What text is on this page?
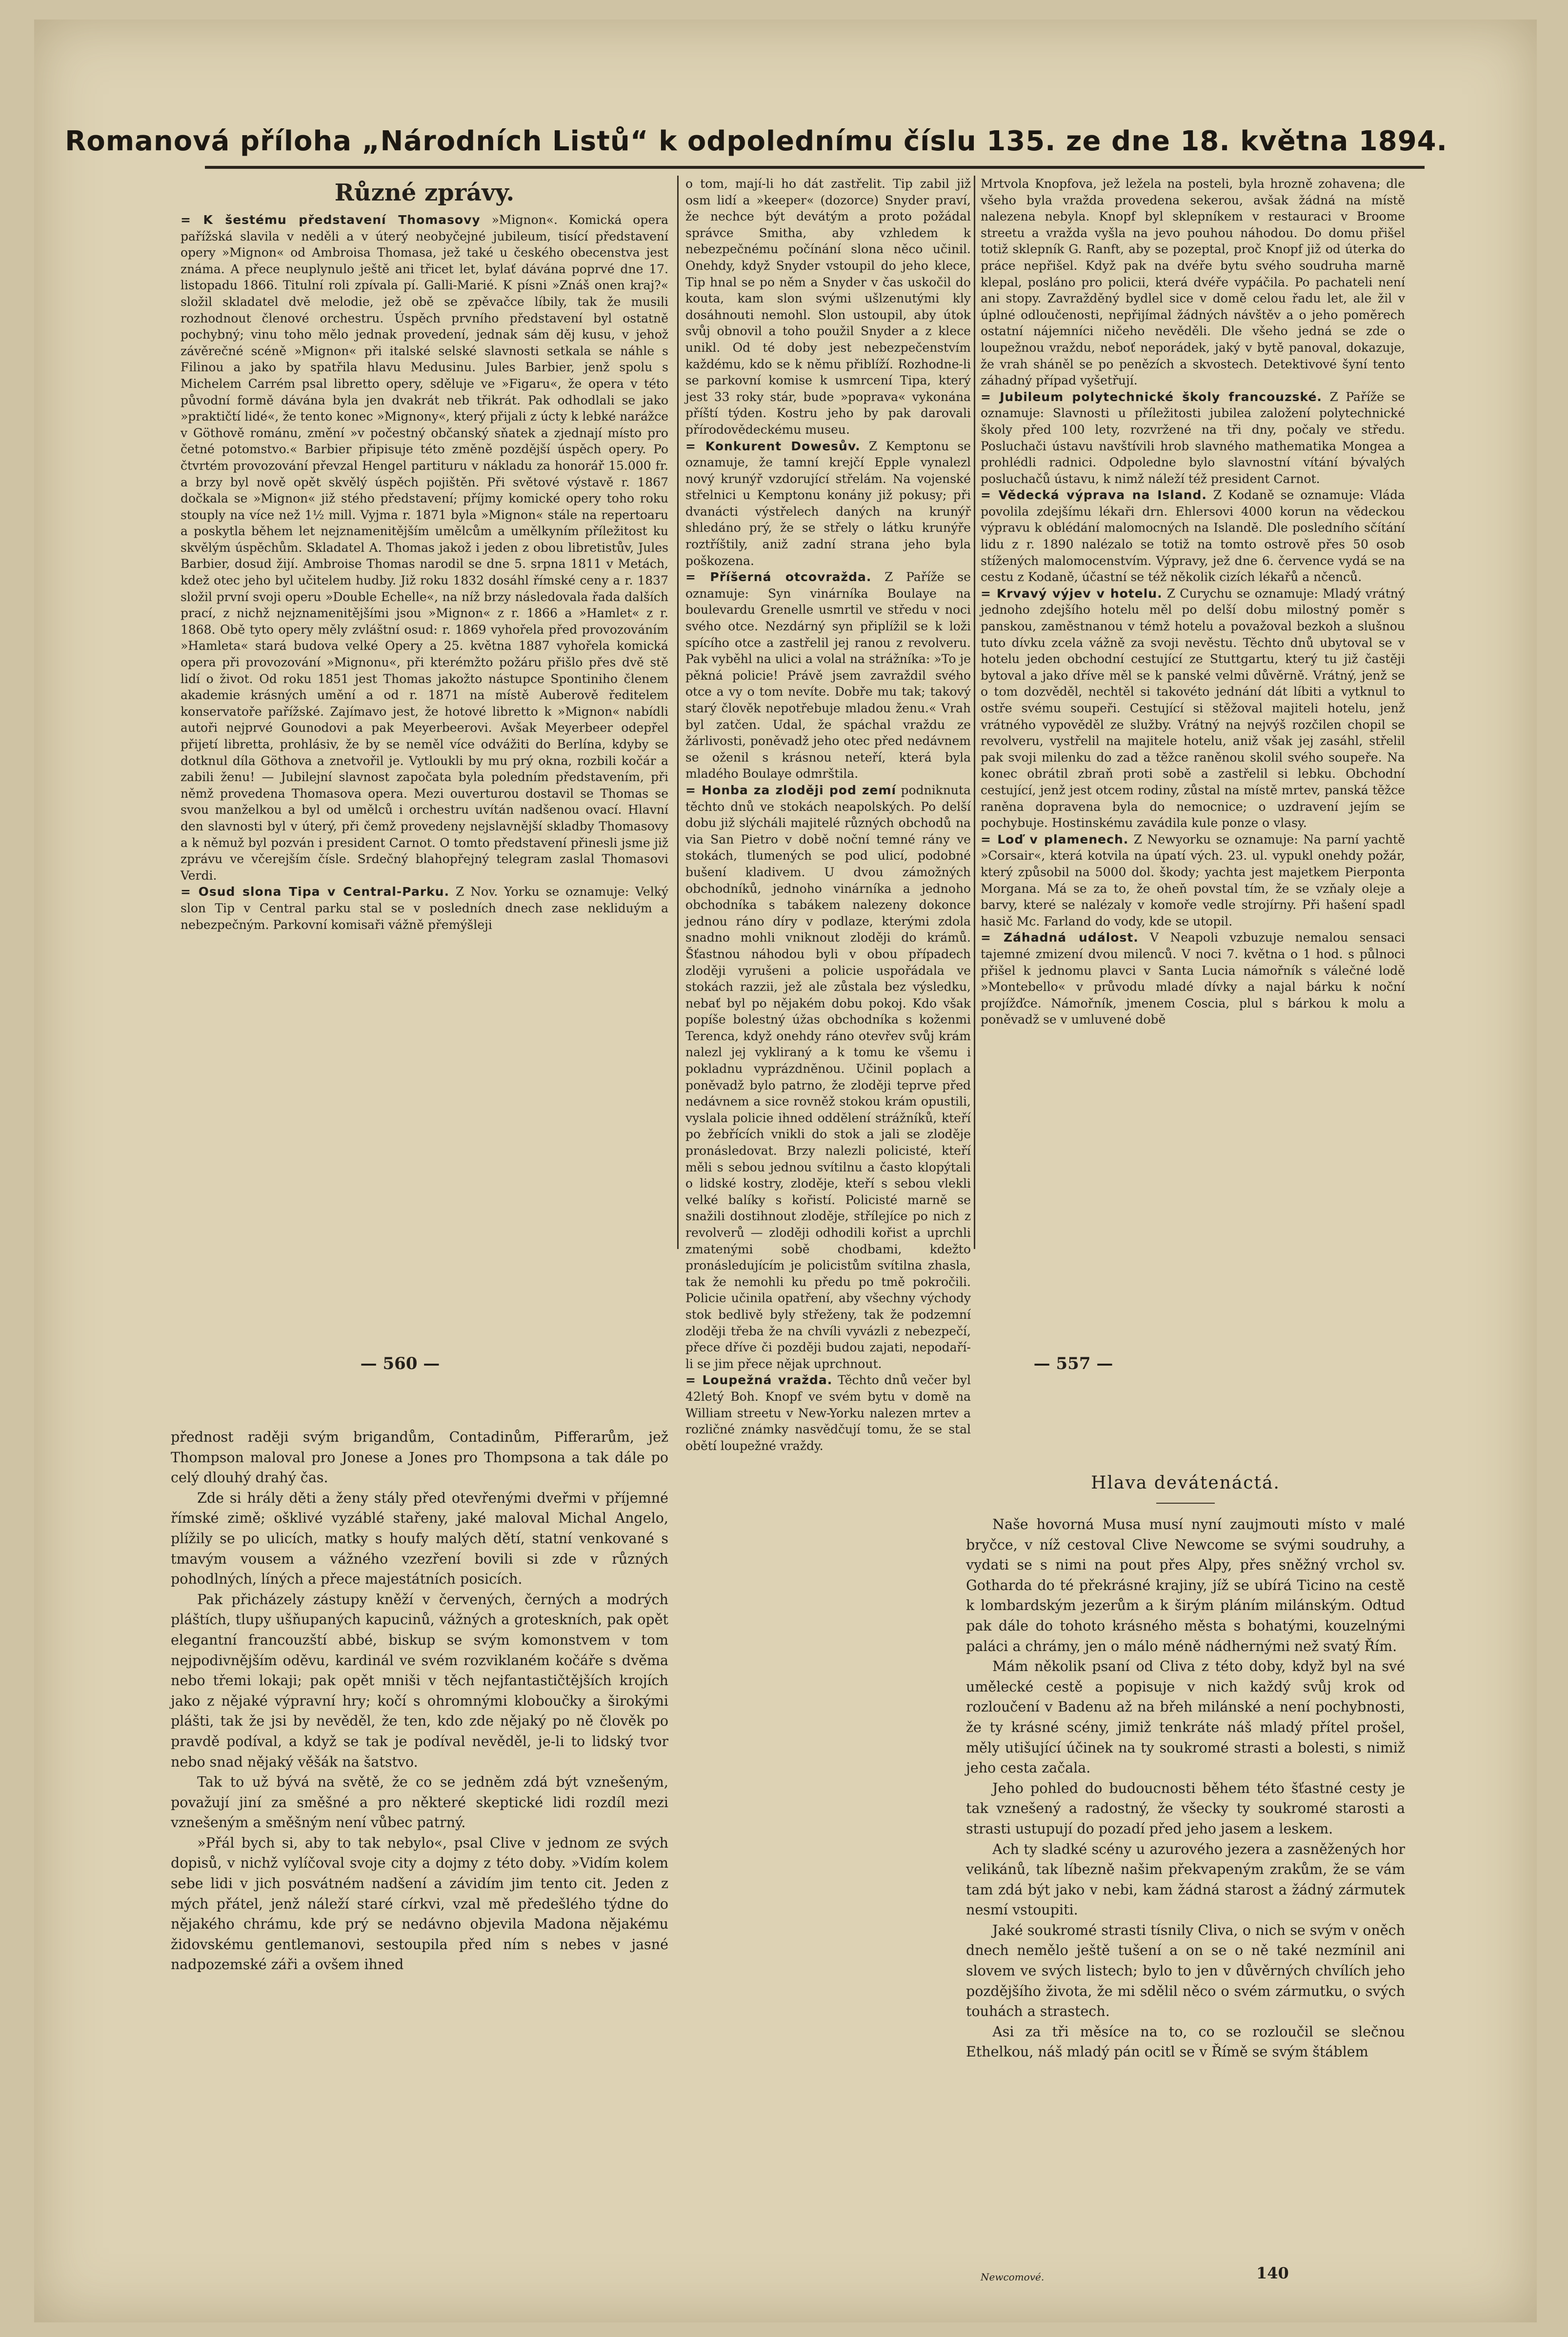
Romanová příloha „Národních Listů“ k odpolednímu číslu 135. ze dne 18. května 1894.
Různé zprávy.

= K šestému představení Thomasovy »Mignon«. Komická opera pařížská slavila v neděli a v úterý neobyčejné jubileum, tisící představení opery »Mignon« od Ambroisa Thomasa, jež také u českého obecenstva jest známa. A přece neuplynulo ještě ani třicet let, bylať dávána poprvé dne 17. listopadu 1866. Titulní roli zpívala pí. Galli-Marié. K písni »Znáš onen kraj?« složil skladatel dvě melodie, jež obě se zpěvačce líbily, tak že musili rozhodnout členové orchestru. Úspěch prvního představení byl ostatně pochybný; vinu toho mělo jednak provedení, jednak sám děj kusu, v jehož závěrečné scéně »Mignon« při italské selské slavnosti setkala se náhle s Filinou a jako by spatřila hlavu Medusinu. Jules Barbier, jenž spolu s Michelem Carrém psal libretto opery, sděluje ve »Figaru«, že opera v této původní formě dávána byla jen dvakrát neb třikrát. Pak odhodlali se jako »praktičtí lidé«, že tento konec »Mignony«, který přijali z úcty k lebké narážce v Göthově románu, změní »v počestný občanský sňatek a zjednají místo pro četné potomstvo.« Barbier připisuje této změně pozdější úspěch opery. Po čtvrtém provozování převzal Hengel partituru v nákladu za honorář 15.000 fr. a brzy byl nově opět skvělý úspěch pojištěn. Při světové výstavě r. 1867 dočkala se »Mignon« již stého představení; příjmy komické opery toho roku stouply na více než 1½ mill. Vyjma r. 1871 byla »Mignon« stále na repertoaru a poskytla během let nejznamenitějším umělcům a umělkyním příležitost ku skvělým úspěchům. Skladatel A. Thomas jakož i jeden z obou libretistův, Jules Barbier, dosud žijí. Ambroise Thomas narodil se dne 5. srpna 1811 v Metách, kdež otec jeho byl učitelem hudby. Již roku 1832 dosáhl římské ceny a r. 1837 složil první svoji operu »Double Echelle«, na níž brzy následovala řada dalších prací, z nichž nejznamenitějšími jsou »Mignon« z r. 1866 a »Hamlet« z r. 1868. Obě tyto opery měly zvláštní osud: r. 1869 vyhořela před provozováním »Hamleta« stará budova velké Opery a 25. května 1887 vyhořela komická opera při provozování »Mignonu«, při kterémžto požáru přišlo přes dvě stě lidí o život. Od roku 1851 jest Thomas jakožto nástupce Spontiniho členem akademie krásných umění a od r. 1871 na místě Auberově ředitelem konservatoře pařížské. Zajímavo jest, že hotové libretto k »Mignon« nabídli autoři nejprvé Gounodovi a pak Meyerbeerovi. Avšak Meyerbeer odepřel přijetí libretta, prohlásiv, že by se neměl více odvážiti do Berlína, kdyby se dotknul díla Göthova a znetvořil je. Vytloukli by mu prý okna, rozbili kočár a zabili ženu! — Jubilejní slavnost započata byla poledním představením, při němž provedena Thomasova opera. Mezi ouverturou dostavil se Thomas se svou manželkou a byl od umělců i orchestru uvítán nadšenou ovací. Hlavní den slavnosti byl v úterý, při čemž provedeny nejslavnější skladby Thomasovy a k němuž byl pozván i president Carnot. O tomto představení přinesli jsme již zprávu ve včerejším čísle. Srdečný blahopřejný telegram zaslal Thomasovi Verdi.

= Osud slona Tipa v Central-Parku. Z Nov. Yorku se oznamuje: Velký slon Tip v Central parku stal se v posledních dnech zase nekliduým a nebezpečným. Parkovní komisaři vážně přemýšleji

o tom, mají-li ho dát zastřelit. Tip zabil již osm lidí a »keeper« (dozorce) Snyder praví, že nechce být devátým a proto požádal správce Smitha, aby vzhledem k nebezpečnému počínání slona něco učinil. Onehdy, když Snyder vstoupil do jeho klece, Tip hnal se po něm a Snyder v čas uskočil do kouta, kam slon svými ušlzenutými kly dosáhnouti nemohl. Slon ustoupil, aby útok svůj obnovil a toho použil Snyder a z klece unikl. Od té doby jest nebezpečenstvím každému, kdo se k němu přiblíží. Rozhodne-li se parkovní komise k usmrcení Tipa, který jest 33 roky stár, bude »poprava« vykonána příští týden. Kostru jeho by pak darovali přírodovědeckému museu.

= Konkurent Dowesův. Z Kemptonu se oznamuje, že tamní krejčí Epple vynalezl nový krunýř vzdorující střelám. Na vojenské střelnici u Kemptonu konány již pokusy; při dvanácti výstřelech daných na krunýř shledáno prý, že se střely o látku krunýře roztříštily, aniž zadní strana jeho byla poškozena.

= Příšerná otcovražda. Z Paříže se oznamuje: Syn vinárníka Boulaye na boulevardu Grenelle usmrtil ve středu v noci svého otce. Nezdárný syn připlížil se k loži spícího otce a zastřelil jej ranou z revolveru. Pak vyběhl na ulici a volal na strážníka: »To je pěkná policie! Právě jsem zavraždil svého otce a vy o tom nevíte. Dobře mu tak; takový starý člověk nepotřebuje mladou ženu.« Vrah byl zatčen. Udal, že spáchal vraždu ze žárlivosti, poněvadž jeho otec před nedávnem se oženil s krásnou neteří, která byla mladého Boulaye odmrštila.

= Honba za zloději pod zemí podniknuta těchto dnů ve stokách neapolských. Po delší dobu již slýcháli majitelé různých obchodů na via San Pietro v době noční temné rány ve stokách, tlumených se pod ulicí, podobné bušení kladivem. U dvou zámožných obchodníků, jednoho vinárníka a jednoho obchodníka s tabákem nalezeny dokonce jednou ráno díry v podlaze, kterými zdola snadno mohli vniknout zloději do krámů. Šťastnou náhodou byli v obou případech zloději vyrušeni a policie uspořádala ve stokách razzii, jež ale zůstala bez výsledku, nebať byl po nějakém dobu pokoj. Kdo však popíše bolestný úžas obchodníka s koženmi Terenca, když onehdy ráno otevřev svůj krám nalezl jej vykliraný a k tomu ke všemu i pokladnu vyprázdněnou. Učinil poplach a poněvadž bylo patrno, že zloději teprve před nedávnem a sice rovněž stokou krám opustili, vyslala policie ihned oddělení strážníků, kteří po žebřících vnikli do stok a jali se zloděje pronásledovat. Brzy nalezli policisté, kteří měli s sebou jednou svítilnu a často klopýtali o lidské kostry, zloděje, kteří s sebou vlekli velké balíky s kořistí. Policisté marně se snažili dostihnout zloděje, střílejíce po nich z revolverů — zloději odhodili kořist a uprchli zmatenými sobě chodbami, kdežto pronásledujícím je policistům svítilna zhasla, tak že nemohli ku předu po tmě pokročili. Policie učinila opatření, aby všechny východy stok bedlivě byly střeženy, tak že podzemní zloději třeba že na chvíli vyvázli z nebezpečí, přece dříve či později budou zajati, nepodaří-li se jim přece nějak uprchnout.

= Loupežná vražda. Těchto dnů večer byl 42letý Boh. Knopf ve svém bytu v domě na William streetu v New-Yorku nalezen mrtev a rozličné známky nasvědčují tomu, že se stal obětí loupežné vraždy.

Mrtvola Knopfova, jež ležela na posteli, byla hrozně zohavena; dle všeho byla vražda provedena sekerou, avšak žádná na místě nalezena nebyla. Knopf byl sklepníkem v restauraci v Broome streetu a vražda vyšla na jevo pouhou náhodou. Do domu přišel totiž sklepník G. Ranft, aby se pozeptal, proč Knopf již od úterka do práce nepřišel. Když pak na dvéře bytu svého soudruha marně klepal, posláno pro policii, která dvéře vypáčila. Po pachateli není ani stopy. Zavražděný bydlel sice v domě celou řadu let, ale žil v úplné odloučenosti, nepřijímal žádných návštěv a o jeho poměrech ostatní nájemníci ničeho nevěděli. Dle všeho jedná se zde o loupežnou vraždu, neboť neporádek, jaký v bytě panoval, dokazuje, že vrah sháněl se po penězích a skvostech. Detektivové šyní tento záhadný případ vyšetřují.

= Jubileum polytechnické školy francouzské. Z Paříže se oznamuje: Slavnosti u příležitosti jubilea založení polytechnické školy před 100 lety, rozvržené na tři dny, počaly ve středu. Posluchači ústavu navštívili hrob slavného mathematika Mongea a prohlédli radnici. Odpoledne bylo slavnostní vítání bývalých posluchačů ústavu, k nimž náleží též president Carnot.

= Vědecká výprava na Island. Z Kodaně se oznamuje: Vláda povolila zdejšímu lékaři drn. Ehlersovi 4000 korun na vědeckou výpravu k oblédání malomocných na Islandě. Dle posledního sčítání lidu z r. 1890 nalézalo se totiž na tomto ostrově přes 50 osob stížených malomocenstvím. Výpravy, jež dne 6. července vydá se na cestu z Kodaně, účastní se též několik cizích lékařů a nčenců.

= Krvavý výjev v hotelu. Z Curychu se oznamuje: Mladý vrátný jednoho zdejšího hotelu měl po delší dobu milostný poměr s panskou, zaměstnanou v témž hotelu a považoval bezkoh a slušnou tuto dívku zcela vážně za svoji nevěstu. Těchto dnů ubytoval se v hotelu jeden obchodní cestující ze Stuttgartu, který tu již častěji bytoval a jako dříve měl se k panské velmi důvěrně. Vrátný, jenž se o tom dozvěděl, nechtěl si takovéto jednání dát líbiti a vytknul to ostře svému soupeři. Cestující si stěžoval majiteli hotelu, jenž vrátného vypověděl ze služby. Vrátný na nejvýš rozčilen chopil se revolveru, vystřelil na majitele hotelu, aniž však jej zasáhl, střelil pak svoji milenku do zad a těžce raněnou skolil svého soupeře. Na konec obrátil zbraň proti sobě a zastřelil si lebku. Obchodní cestující, jenž jest otcem rodiny, zůstal na místě mrtev, panská těžce raněna dopravena byla do nemocnice; o uzdravení jejím se pochybuje. Hostinskému zavádila kule ponze o vlasy.

= Loď v plamenech. Z Newyorku se oznamuje: Na parní yachtě »Corsair«, která kotvila na úpatí vých. 23. ul. vypukl onehdy požár, který způsobil na 5000 dol. škody; yachta jest majetkem Pierponta Morgana. Má se za to, že oheň povstal tím, že se vzňaly oleje a barvy, které se nalézaly v komoře vedle strojírny. Při hašení spadl hasič Mc. Farland do vody, kde se utopil.

= Záhadná událost. V Neapoli vzbuzuje nemalou sensaci tajemné zmizení dvou milenců. V noci 7. května o 1 hod. s půlnoci přišel k jednomu plavci v Santa Lucia námořník s válečné lodě »Montebello« v průvodu mladé dívky a najal bárku k noční projížďce. Námořník, jmenem Coscia, plul s bárkou k molu a poněvadž se v umluvené době

— 560 —	— 557 —

přednost raději svým brigandům, Contadinům, Pifferarům, jež Thompson maloval pro Jonese a Jones pro Thompsona a tak dále po celý dlouhý drahý čas.

Zde si hrály děti a ženy stály před otevřenými dveřmi v příjemné římské zimě; ošklivé vyzáblé stařeny, jaké maloval Michal Angelo, plížily se po ulicích, matky s houfy malých dětí, statní venkované s tmavým vousem a vážného vzezření bovili si zde v různých pohodlných, líných a přece majestátních posicích.

Pak přicházely zástupy kněží v červených, černých a modrých pláštích, tlupy ušňupaných kapucinů, vážných a groteskních, pak opět elegantní francouzští abbé, biskup se svým komonstvem v tom nejpodivnějším oděvu, kardinál ve svém rozviklaném kočáře s dvěma nebo třemi lokaji; pak opět mniši v těch nejfantastičtějších krojích jako z nějaké výpravní hry; kočí s ohromnými kloboučky a širokými plášti, tak že jsi by nevěděl, že ten, kdo zde nějaký po ně člověk po pravdě podíval, a když se tak je podíval nevěděl, je-li to lidský tvor nebo snad nějaký věšák na šatstvo.

Tak to už bývá na světě, že co se jedněm zdá být vznešeným, považují jiní za směšné a pro některé skeptické lidi rozdíl mezi vznešeným a směšným není vůbec patrný.

»Přál bych si, aby to tak nebylo«, psal Clive v jednom ze svých dopisů, v nichž vylíčoval svoje city a dojmy z této doby. »Vidím kolem sebe lidi v jich posvátném nadšení a závidím jim tento cit. Jeden z mých přátel, jenž náleží staré církvi, vzal mě předešlého týdne do nějakého chrámu, kde prý se nedávno objevila Madona nějakému židovskému gentlemanovi, sestoupila před ním s nebes v jasné nadpozemské záři a ovšem ihned

Hlava devátenáctá.

Naše hovorná Musa musí nyní zaujmouti místo v malé bryčce, v níž cestoval Clive Newcome se svými soudruhy, a vydati se s nimi na pout přes Alpy, přes sněžný vrchol sv. Gotharda do té překrásné krajiny, jíž se ubírá Ticino na cestě k lombardským jezerům a k širým pláním milánským. Odtud pak dále do tohoto krásného města s bohatými, kouzelnými paláci a chrámy, jen o málo méně nádhernými než svatý Řím.

Mám několik psaní od Cliva z této doby, když byl na své umělecké cestě a popisuje v nich každý svůj krok od rozloučení v Badenu až na břeh milánské a není pochybnosti, že ty krásné scény, jimiž tenkráte náš mladý přítel prošel, měly utišující účinek na ty soukromé strasti a bolesti, s nimiž jeho cesta začala.

Jeho pohled do budoucnosti během této šťastné cesty je tak vznešený a radostný, že všecky ty soukromé starosti a strasti ustupují do pozadí před jeho jasem a leskem.

Ach ty sladké scény u azurového jezera a zasněžených hor velikánů, tak líbezně našim překvapeným zrakům, že se vám tam zdá být jako v nebi, kam žádná starost a žádný zármutek nesmí vstoupiti.

Jaké soukromé strasti tísnily Cliva, o nich se svým v oněch dnech nemělo ještě tušení a on se o ně také nezmínil ani slovem ve svých listech; bylo to jen v důvěrných chvílích jeho pozdějšího života, že mi sdělil něco o svém zármutku, o svých touhách a strastech.

Asi za tři měsíce na to, co se rozloučil se slečnou Ethelkou, náš mladý pán ocitl se v Římě se svým štáblem

Newcomové.	140
